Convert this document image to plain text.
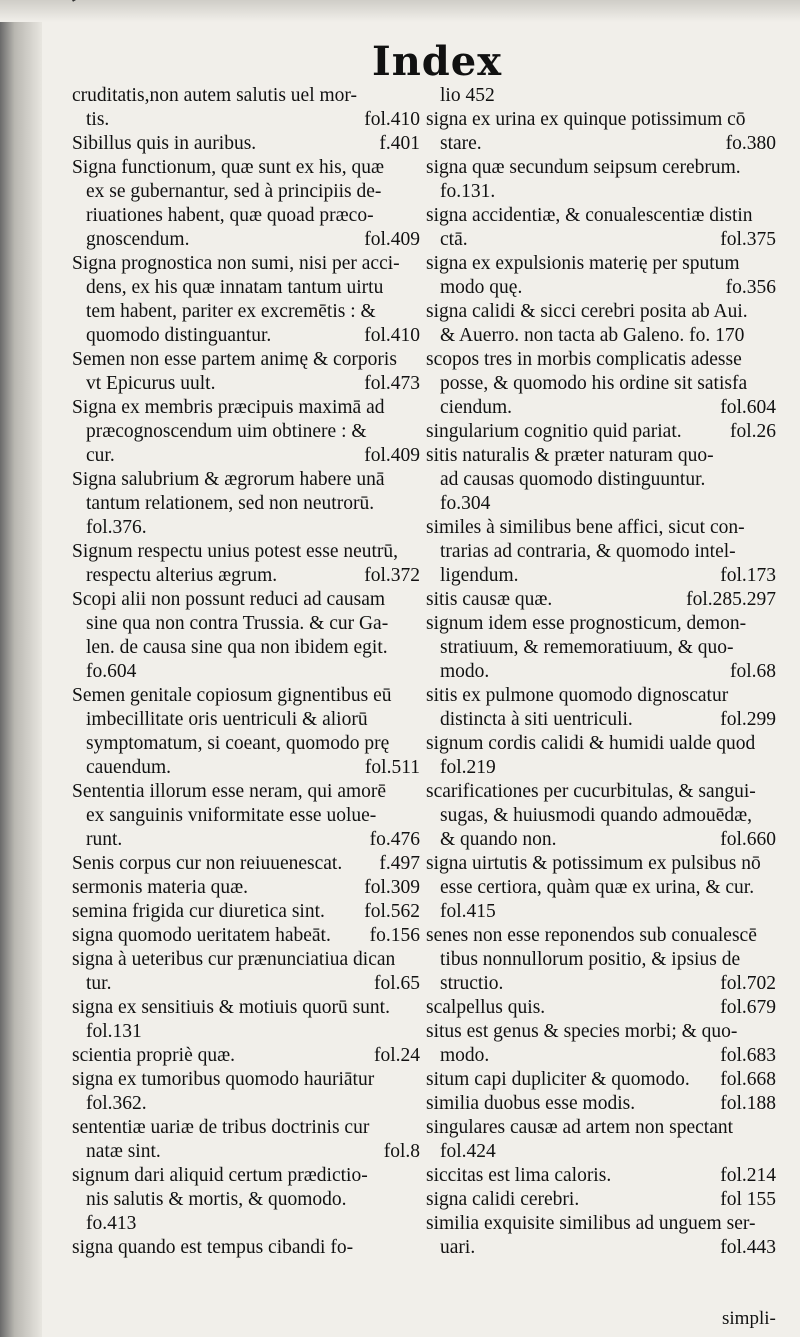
Index
cruditatis,non autem salutis uel mor-
tis.	fol.410
Sibillus quis in auribus.	f.401
Signa functionum, quæ sunt ex his, quæ
ex se gubernantur, sed à principiis de-
riuationes habent, quæ quoad præco-
gnoscendum.	fol.409
Signa prognostica non sumi, nisi per acci-
dens, ex his quæ innatam tantum uirtu
tem habent, pariter ex excremētis : &
quomodo distinguantur.	fol.410
Semen non esse partem animę & corporis
vt Epicurus uult.	fol.473
Signa ex membris præcipuis maximā ad
præcognoscendum uim obtinere : &
cur.	fol.409
Signa salubrium & ægrorum habere unā
tantum relationem, sed non neutrorū.
fol.376.
Signum respectu unius potest esse neutrū,
respectu alterius ægrum.	fol.372
Scopi alii non possunt reduci ad causam
sine qua non contra Trussia. & cur Ga-
len. de causa sine qua non ibidem egit.
fo.604
Semen genitale copiosum gignentibus eū
imbecillitate oris uentriculi & aliorū
symptomatum, si coeant, quomodo prę
cauendum.	fol.511
Sententia illorum esse neram, qui amorē
ex sanguinis vniformitate esse uolue-
runt.	fo.476
Senis corpus cur non reiuuenescat. f.497
sermonis materia quæ.	fol.309
semina frigida cur diuretica sint. fol.562
signa quomodo ueritatem habeāt. fo.156
signa à ueteribus cur prænunciatiua dican
tur.	fol.65
signa ex sensitiuis & motiuis quorū sunt.
fol.131
scientia propriè quæ.	fol.24
signa ex tumoribus quomodo hauriātur
fol.362.
sententiæ uariæ de tribus doctrinis cur
natæ sint.	fol.8
signum dari aliquid certum prædictio-
nis salutis & mortis, & quomodo.
fo.413
signa quando est tempus cibandi fo-
lio 452
signa ex urina ex quinque potissimum cō
stare.	fo.380
signa quæ secundum seipsum cerebrum.
fo.131.
signa accidentiæ, & conualescentiæ distin
ctā.	fol.375
signa ex expulsionis materię per sputum
modo quę.	fo.356
signa calidi & sicci cerebri posita ab Aui.
& Auerro. non tacta ab Galeno. fo. 170
scopos tres in morbis complicatis adesse
posse, & quomodo his ordine sit satisfa
ciendum.	fol.604
singularium cognitio quid pariat. fol.26
sitis naturalis & præter naturam quo-
ad causas quomodo distinguuntur.
fo.304
similes à similibus bene affici, sicut con-
trarias ad contraria, & quomodo intel-
ligendum.	fol.173
sitis causæ quæ.	fol.285.297
signum idem esse prognosticum, demon-
stratiuum, & rememoratiuum, & quo-
modo.	fol.68
sitis ex pulmone quomodo dignoscatur
distincta à siti uentriculi.	fol.299
signum cordis calidi & humidi ualde quod
fol.219
scarificationes per cucurbitulas, & sangui-
sugas, & huiusmodi quando admouēdæ,
& quando non.	fol.660
signa uirtutis & potissimum ex pulsibus nō
esse certiora, quàm quæ ex urina, & cur.
fol.415
senes non esse reponendos sub conualescē
tibus nonnullorum positio, & ipsius de
structio.	fol.702
scalpellus quis.	fol.679
situs est genus & species morbi; & quo-
modo.	fol.683
situm capi dupliciter & quomodo. fol.668
similia duobus esse modis.	fol.188
singulares causæ ad artem non spectant
fol.424
siccitas est lima caloris.	fol.214
signa calidi cerebri.	fol 155
similia exquisite similibus ad unguem ser-
uari.	fol.443
simpli-
